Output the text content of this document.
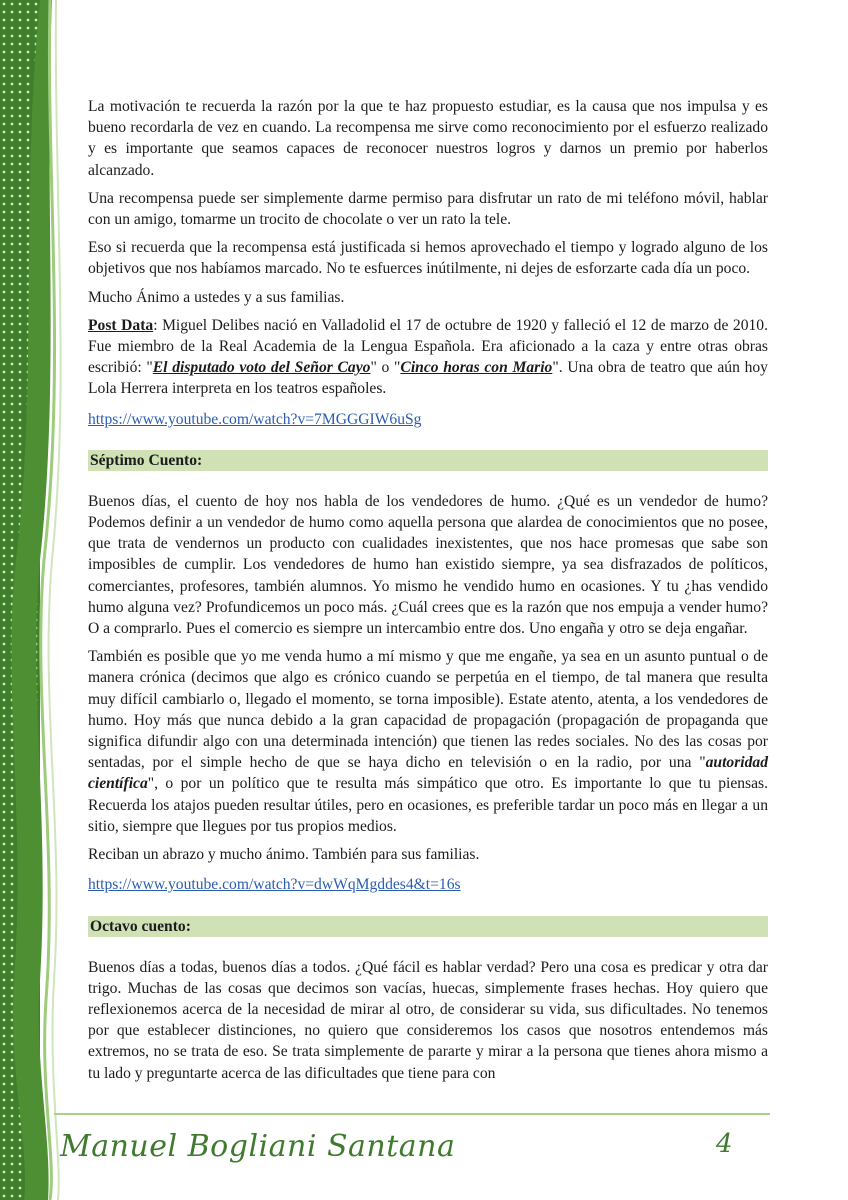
La motivación te recuerda la razón por la que te haz propuesto estudiar, es la causa que nos impulsa y es bueno recordarla de vez en cuando. La recompensa me sirve como reconocimiento por el esfuerzo realizado y es importante que seamos capaces de reconocer nuestros logros y darnos un premio por haberlos alcanzado.

Una recompensa puede ser simplemente darme permiso para disfrutar un rato de mi teléfono móvil, hablar con un amigo, tomarme un trocito de chocolate o ver un rato la tele.

Eso si recuerda que la recompensa está justificada si hemos aprovechado el tiempo y logrado alguno de los objetivos que nos habíamos marcado. No te esfuerces inútilmente, ni dejes de esforzarte cada día un poco.

Mucho Ánimo a ustedes y a sus familias.

Post Data: Miguel Delibes nació en Valladolid el 17 de octubre de 1920 y falleció el 12 de marzo de 2010. Fue miembro de la Real Academia de la Lengua Española. Era aficionado a la caza y entre otras obras escribió: "El disputado voto del Señor Cayo" o "Cinco horas con Mario". Una obra de teatro que aún hoy Lola Herrera interpreta en los teatros españoles.

https://www.youtube.com/watch?v=7MGGGIW6uSg

Séptimo Cuento:

Buenos días, el cuento de hoy nos habla de los vendedores de humo. ¿Qué es un vendedor de humo? Podemos definir a un vendedor de humo como aquella persona que alardea de conocimientos que no posee, que trata de vendernos un producto con cualidades inexistentes, que nos hace promesas que sabe son imposibles de cumplir. Los vendedores de humo han existido siempre, ya sea disfrazados de políticos, comerciantes, profesores, también alumnos. Yo mismo he vendido humo en ocasiones. Y tu ¿has vendido humo alguna vez? Profundicemos un poco más. ¿Cuál crees que es la razón que nos empuja a vender humo? O a comprarlo. Pues el comercio es siempre un intercambio entre dos. Uno engaña y otro se deja engañar.

También es posible que yo me venda humo a mí mismo y que me engañe, ya sea en un asunto puntual o de manera crónica (decimos que algo es crónico cuando se perpetúa en el tiempo, de tal manera que resulta muy difícil cambiarlo o, llegado el momento, se torna imposible). Estate atento, atenta, a los vendedores de humo. Hoy más que nunca debido a la gran capacidad de propagación (propagación de propaganda que significa difundir algo con una determinada intención) que tienen las redes sociales. No des las cosas por sentadas, por el simple hecho de que se haya dicho en televisión o en la radio, por una "autoridad científica", o por un político que te resulta más simpático que otro. Es importante lo que tu piensas. Recuerda los atajos pueden resultar útiles, pero en ocasiones, es preferible tardar un poco más en llegar a un sitio, siempre que llegues por tus propios medios.

Reciban un abrazo y mucho ánimo. También para sus familias.

https://www.youtube.com/watch?v=dwWqMgddes4&t=16s

Octavo cuento:

Buenos días a todas, buenos días a todos. ¿Qué fácil es hablar verdad? Pero una cosa es predicar y otra dar trigo. Muchas de las cosas que decimos son vacías, huecas, simplemente frases hechas. Hoy quiero que reflexionemos acerca de la necesidad de mirar al otro, de considerar su vida, sus dificultades. No tenemos por que establecer distinciones, no quiero que consideremos los casos que nosotros entendemos más extremos, no se trata de eso. Se trata simplemente de pararte y mirar a la persona que tienes ahora mismo a tu lado y preguntarte acerca de las dificultades que tiene para con

Manuel Bogliani Santana	4
